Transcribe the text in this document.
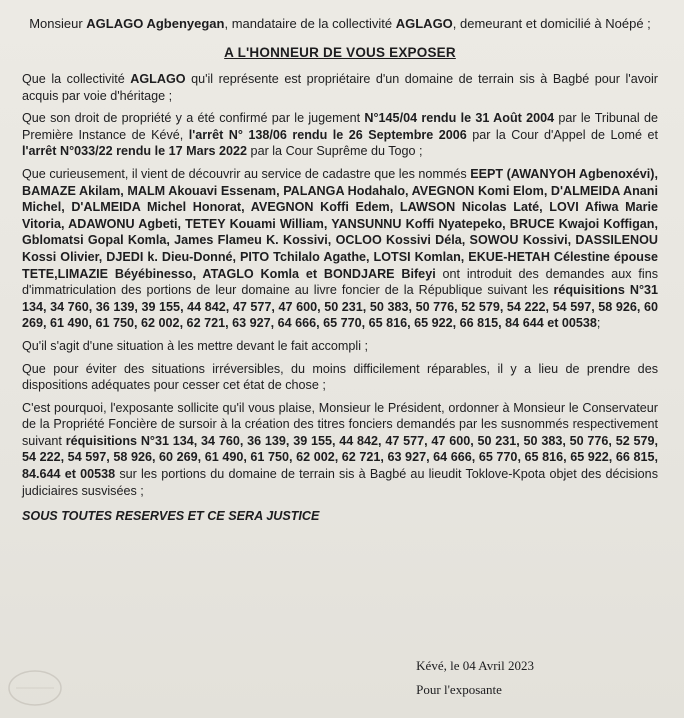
Monsieur AGLAGO Agbenyegan, mandataire de la collectivité AGLAGO, demeurant et domicilié à Noépé ;

A L'HONNEUR DE VOUS EXPOSER

Que la collectivité AGLAGO qu'il représente est propriétaire d'un domaine de terrain sis à Bagbé pour l'avoir acquis par voie d'héritage ;

Que son droit de propriété y a été confirmé par le jugement N°145/04 rendu le 31 Août 2004 par le Tribunal de Première Instance de Kévé, l'arrêt N° 138/06 rendu le 26 Septembre 2006 par la Cour d'Appel de Lomé et l'arrêt N°033/22 rendu le 17 Mars 2022 par la Cour Suprême du Togo ;

Que curieusement, il vient de découvrir au service de cadastre que les nommés EEPT (AWANYOH Agbenoxévi), BAMAZE Akilam, MALM Akouavi Essenam, PALANGA Hodahalo, AVEGNON Komi Elom, D'ALMEIDA Anani Michel, D'ALMEIDA Michel Honorat, AVEGNON Koffi Edem, LAWSON Nicolas Laté, LOVI Afiwa Marie Vitoria, ADAWONU Agbeti, TETEY Kouami William, YANSUNNU Koffi Nyatepeko, BRUCE Kwajoi Koffigan, Gblomatsi Gopal Komla, James Flameu K. Kossivi, OCLOO Kossivi Déla, SOWOU Kossivi, DASSILENOU Kossi Olivier, DJEDI k. Dieu-Donné, PITO Tchilalo Agathe, LOTSI Komlan, EKUE-HETAH Célestine épouse TETE,LIMAZIE Béyébinesso, ATAGLO Komla et BONDJARE Bifeyi ont introduit des demandes aux fins d'immatriculation des portions de leur domaine au livre foncier de la République suivant les réquisitions N°31 134, 34 760, 36 139, 39 155, 44 842, 47 577, 47 600, 50 231, 50 383, 50 776, 52 579, 54 222, 54 597, 58 926, 60 269, 61 490, 61 750, 62 002, 62 721, 63 927, 64 666, 65 770, 65 816, 65 922, 66 815, 84 644 et 00538;

Qu'il s'agit d'une situation à les mettre devant le fait accompli ;

Que pour éviter des situations irréversibles, du moins difficilement réparables, il y a lieu de prendre des dispositions adéquates pour cesser cet état de chose ;

C'est pourquoi, l'exposante sollicite qu'il vous plaise, Monsieur le Président, ordonner à Monsieur le Conservateur de la Propriété Foncière de sursoir à la création des titres fonciers demandés par les susnommés respectivement suivant réquisitions N°31 134, 34 760, 36 139, 39 155, 44 842, 47 577, 47 600, 50 231, 50 383, 50 776, 52 579, 54 222, 54 597, 58 926, 60 269, 61 490, 61 750, 62 002, 62 721, 63 927, 64 666, 65 770, 65 816, 65 922, 66 815, 84.644 et 00538 sur les portions du domaine de terrain sis à Bagbé au lieudit Toklove-Kpota objet des décisions judiciaires susvisées ;

SOUS TOUTES RESERVES ET CE SERA JUSTICE
Kévé, le 04 Avril 2023
Pour l'exposante
